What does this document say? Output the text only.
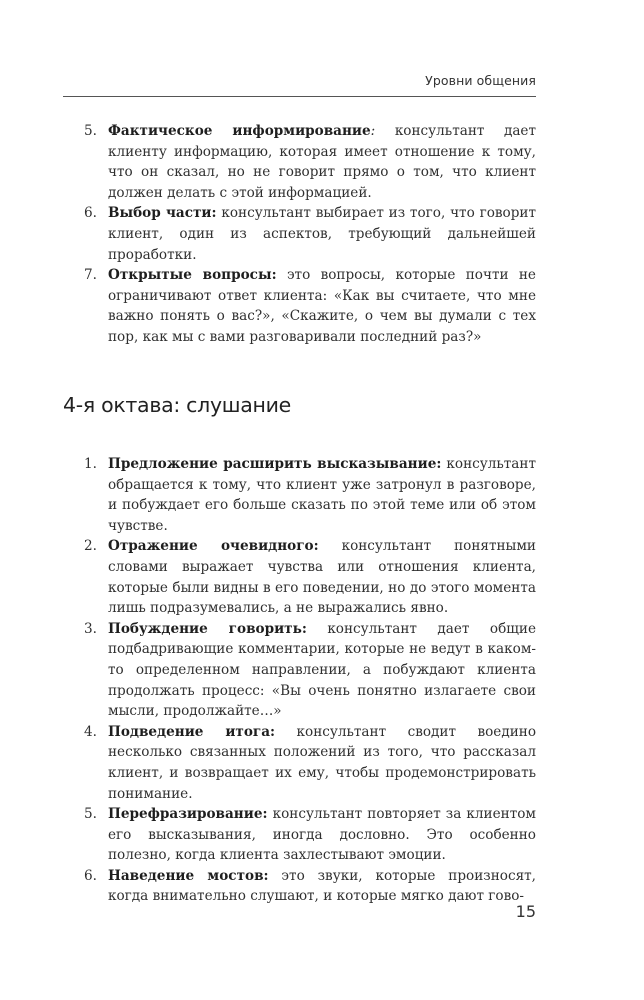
Уровни общения
5. Фактическое информирование: консультант дает клиенту информацию, которая имеет отношение к тому, что он сказал, но не говорит прямо о том, что клиент должен делать с этой информацией.
6. Выбор части: консультант выбирает из того, что говорит клиент, один из аспектов, требующий дальнейшей проработки.
7. Открытые вопросы: это вопросы, которые почти не ограничивают ответ клиента: «Как вы считаете, что мне важно понять о вас?», «Скажите, о чем вы думали с тех пор, как мы с вами разговаривали последний раз?»
4-я октава: слушание
1. Предложение расширить высказывание: консультант обращается к тому, что клиент уже затронул в разговоре, и побуждает его больше сказать по этой теме или об этом чувстве.
2. Отражение очевидного: консультант понятными словами выражает чувства или отношения клиента, которые были видны в его поведении, но до этого момента лишь подразумевались, а не выражались явно.
3. Побуждение говорить: консультант дает общие подбадривающие комментарии, которые не ведут в каком-то определенном направлении, а побуждают клиента продолжать процесс: «Вы очень понятно излагаете свои мысли, продолжайте…»
4. Подведение итога: консультант сводит воедино несколько связанных положений из того, что рассказал клиент, и возвращает их ему, чтобы продемонстрировать понимание.
5. Перефразирование: консультант повторяет за клиентом его высказывания, иногда дословно. Это особенно полезно, когда клиента захлестывают эмоции.
6. Наведение мостов: это звуки, которые произносят, когда внимательно слушают, и которые мягко дают гово-
15
